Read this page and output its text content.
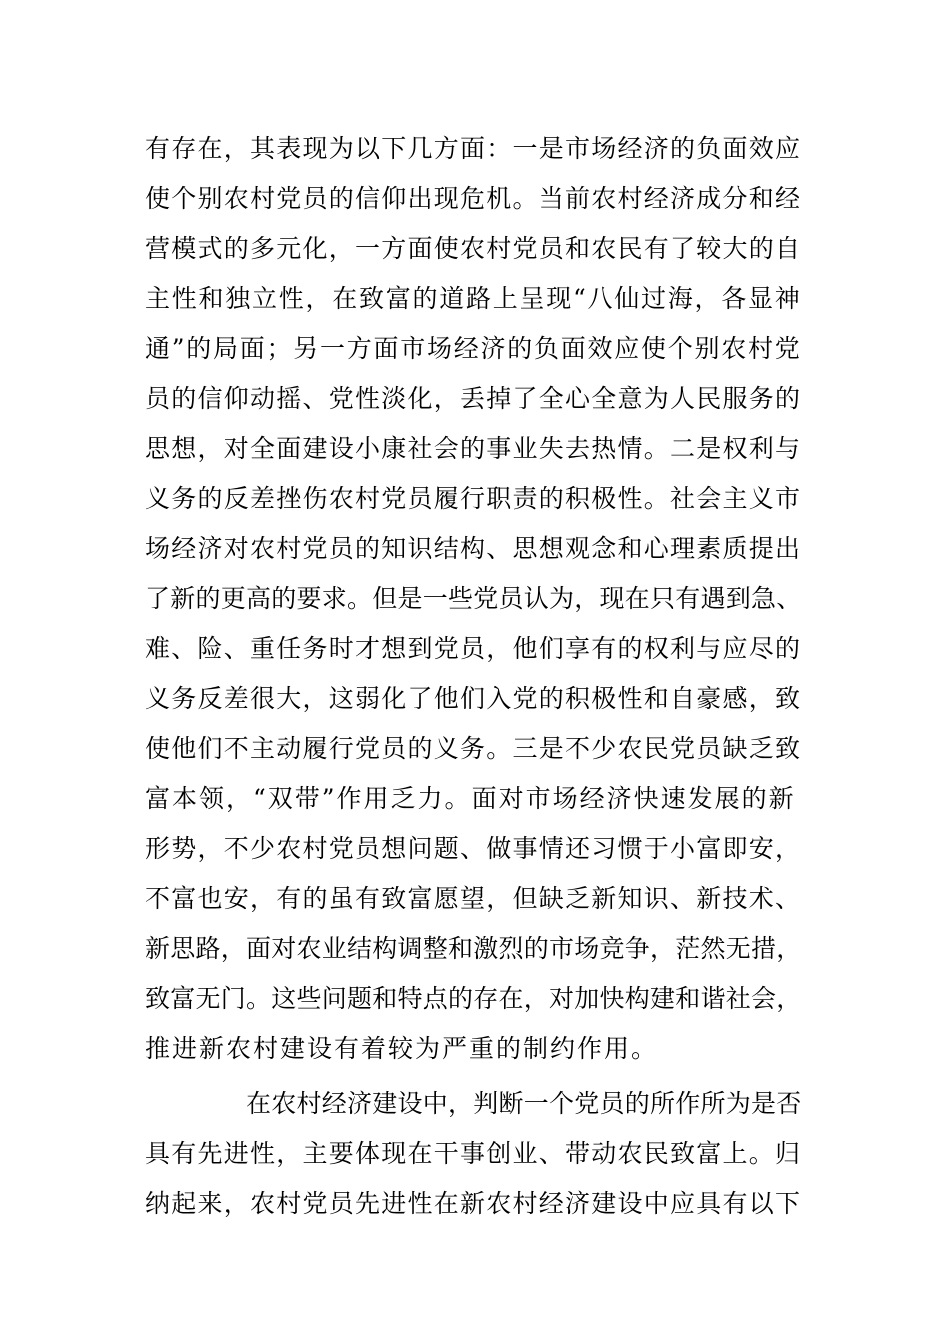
有存在，其表现为以下几方面：一是市场经济的负面效应
使个别农村党员的信仰出现危机。当前农村经济成分和经
营模式的多元化，一方面使农村党员和农民有了较大的自
主性和独立性，在致富的道路上呈现“八仙过海，各显神
通”的局面；另一方面市场经济的负面效应使个别农村党
员的信仰动摇、党性淡化，丢掉了全心全意为人民服务的
思想，对全面建设小康社会的事业失去热情。二是权利与
义务的反差挫伤农村党员履行职责的积极性。社会主义市
场经济对农村党员的知识结构、思想观念和心理素质提出
了新的更高的要求。但是一些党员认为，现在只有遇到急、
难、险、重任务时才想到党员，他们享有的权利与应尽的
义务反差很大，这弱化了他们入党的积极性和自豪感，致
使他们不主动履行党员的义务。三是不少农民党员缺乏致
富本领，“双带”作用乏力。面对市场经济快速发展的新
形势，不少农村党员想问题、做事情还习惯于小富即安，
不富也安，有的虽有致富愿望，但缺乏新知识、新技术、
新思路，面对农业结构调整和激烈的市场竞争，茫然无措，
致富无门。这些问题和特点的存在，对加快构建和谐社会，
推进新农村建设有着较为严重的制约作用。
　　　　在农村经济建设中，判断一个党员的所作所为是否
具有先进性，主要体现在干事创业、带动农民致富上。归
纳起来，农村党员先进性在新农村经济建设中应具有以下
